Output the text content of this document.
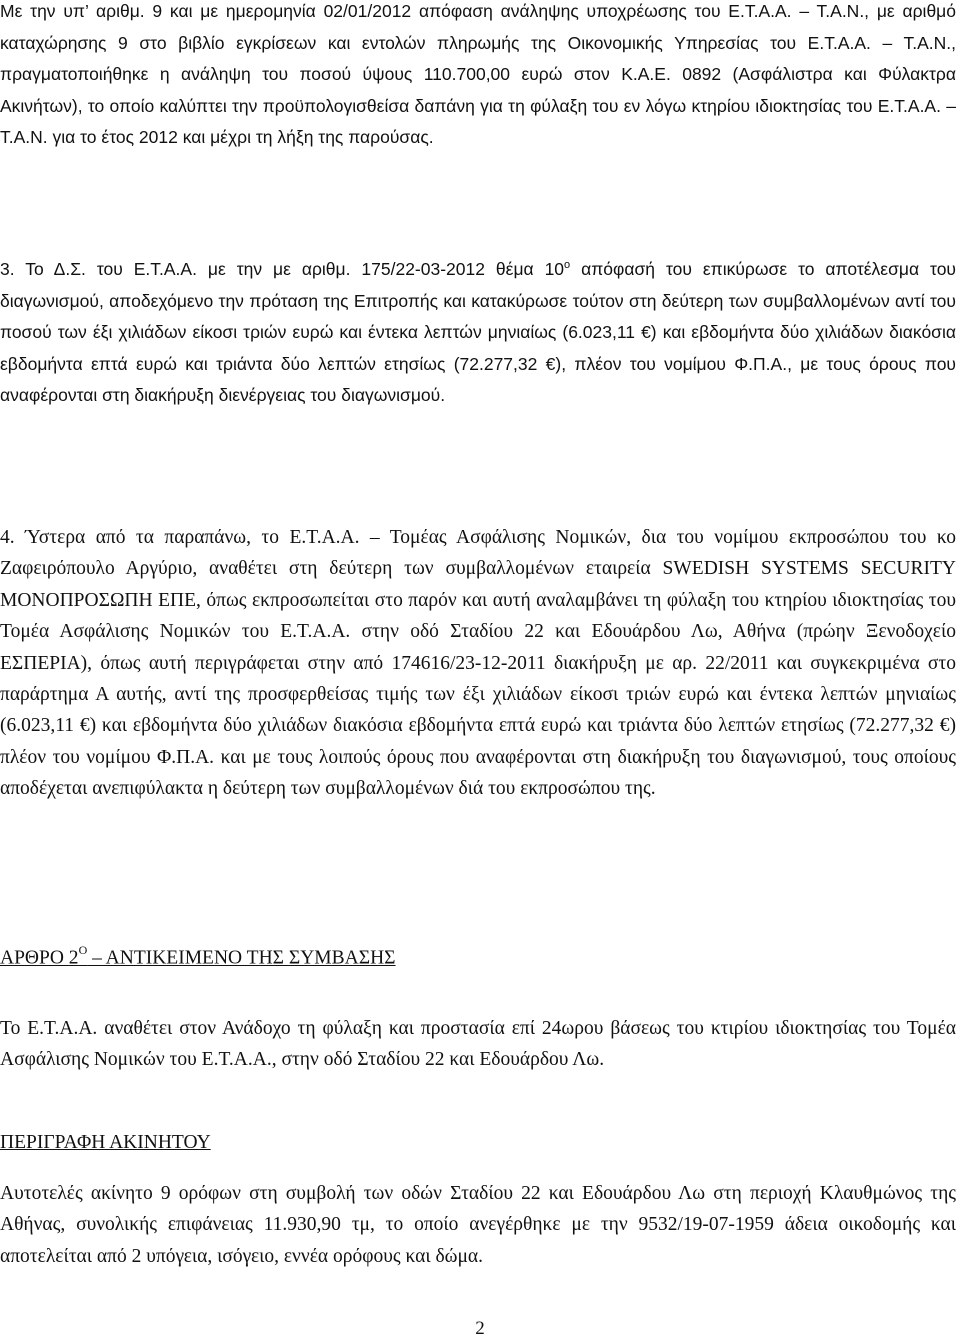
Με την υπ’ αριθμ. 9 και με ημερομηνία 02/01/2012 απόφαση ανάληψης υποχρέωσης του Ε.Τ.Α.Α. – Τ.Α.Ν., με αριθμό καταχώρησης 9 στο βιβλίο εγκρίσεων και εντολών πληρωμής της Οικονομικής Υπηρεσίας του Ε.Τ.Α.Α. – Τ.Α.Ν., πραγματοποιήθηκε η ανάληψη του ποσού ύψους 110.700,00 ευρώ στον Κ.Α.Ε. 0892 (Ασφάλιστρα και Φύλακτρα Ακινήτων), το οποίο καλύπτει την προϋπολογισθείσα δαπάνη για τη φύλαξη του εν λόγω κτηρίου ιδιοκτησίας του Ε.Τ.Α.Α. – Τ.Α.Ν. για το έτος 2012 και μέχρι τη λήξη της παρούσας.

3. Το Δ.Σ. του Ε.Τ.Α.Α. με την με αριθμ. 175/22-03-2012 θέμα $10^o$ απόφασή του επικύρωσε το αποτέλεσμα του διαγωνισμού, αποδεχόμενο την πρόταση της Επιτροπής και κατακύρωσε τούτον στη δεύτερη των συμβαλλομένων αντί του ποσού των έξι χιλιάδων είκοσι τριών ευρώ και έντεκα λεπτών μηνιαίως (6.023,11 €) και εβδομήντα δύο χιλιάδων διακόσια εβδομήντα επτά ευρώ και τριάντα δύο λεπτών ετησίως (72.277,32 €), πλέον του νομίμου Φ.Π.Α., με τους όρους που αναφέρονται στη διακήρυξη διενέργειας του διαγωνισμού.

4. Ύστερα από τα παραπάνω, το Ε.Τ.Α.Α. – Τομέας Ασφάλισης Νομικών, δια του νομίμου εκπροσώπου του κο Ζαφειρόπουλο Αργύριο, αναθέτει στη δεύτερη των συμβαλλομένων εταιρεία SWEDISH SYSTEMS SECURITY ΜΟΝΟΠΡΟΣΩΠΗ ΕΠΕ, όπως εκπροσωπείται στο παρόν και αυτή αναλαμβάνει τη φύλαξη του κτηρίου ιδιοκτησίας του Τομέα Ασφάλισης Νομικών του Ε.Τ.Α.Α. στην οδό Σταδίου 22 και Εδουάρδου Λω, Αθήνα (πρώην Ξενοδοχείο ΕΣΠΕΡΙΑ), όπως αυτή περιγράφεται στην από 174616/23-12-2011 διακήρυξη με αρ. 22/2011 και συγκεκριμένα στο παράρτημα Α αυτής, αντί της προσφερθείσας τιμής των έξι χιλιάδων είκοσι τριών ευρώ και έντεκα λεπτών μηνιαίως (6.023,11 €) και εβδομήντα δύο χιλιάδων διακόσια εβδομήντα επτά ευρώ και τριάντα δύο λεπτών ετησίως (72.277,32 €) πλέον του νομίμου Φ.Π.Α. και με τους λοιπούς όρους που αναφέρονται στη διακήρυξη του διαγωνισμού, τους οποίους αποδέχεται ανεπιφύλακτα η δεύτερη των συμβαλλομένων διά του εκπροσώπου της.

ΑΡΘΡΟ $2^O$ – ΑΝΤΙΚΕΙΜΕΝΟ ΤΗΣ ΣΥΜΒΑΣΗΣ

Το Ε.Τ.Α.Α. αναθέτει στον Ανάδοχο τη φύλαξη και προστασία επί 24ωρου βάσεως του κτιρίου ιδιοκτησίας του Τομέα Ασφάλισης Νομικών του Ε.Τ.Α.Α., στην οδό Σταδίου 22 και Εδουάρδου Λω.

ΠΕΡΙΓΡΑΦΗ ΑΚΙΝΗΤΟΥ

Αυτοτελές ακίνητο 9 ορόφων στη συμβολή των οδών Σταδίου 22 και Εδουάρδου Λω στη περιοχή Κλαυθμώνος της Αθήνας, συνολικής επιφάνειας 11.930,90 τμ, το οποίο ανεγέρθηκε με την 9532/19-07-1959 άδεια οικοδομής και αποτελείται από 2 υπόγεια, ισόγειο, εννέα ορόφους και δώμα.

2
